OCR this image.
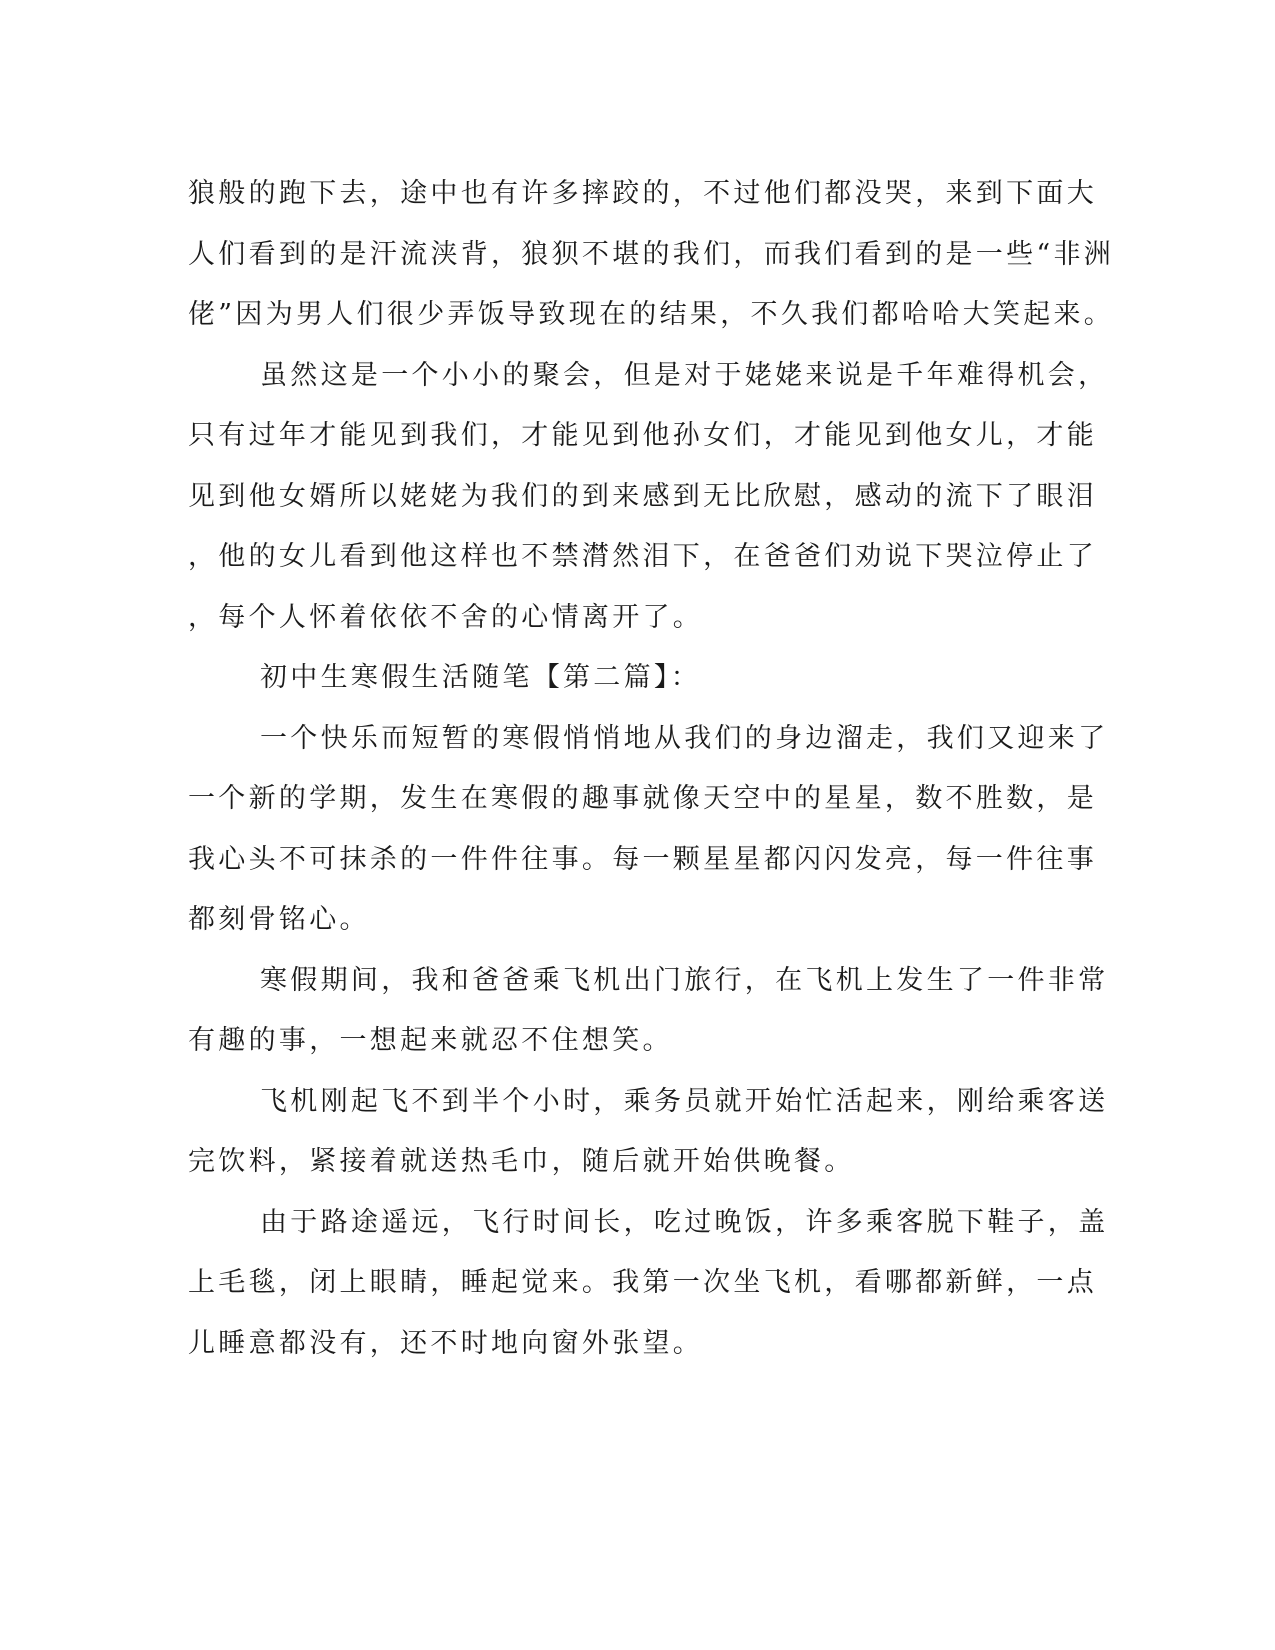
狼般的跑下去，途中也有许多摔跤的，不过他们都没哭，来到下面大
人们看到的是汗流浃背，狼狈不堪的我们，而我们看到的是一些“非洲
佬”因为男人们很少弄饭导致现在的结果，不久我们都哈哈大笑起来。
虽然这是一个小小的聚会，但是对于姥姥来说是千年难得机会，
只有过年才能见到我们，才能见到他孙女们，才能见到他女儿，才能
见到他女婿所以姥姥为我们的到来感到无比欣慰，感动的流下了眼泪
，他的女儿看到他这样也不禁潸然泪下，在爸爸们劝说下哭泣停止了
，每个人怀着依依不舍的心情离开了。
初中生寒假生活随笔【第二篇】：
一个快乐而短暂的寒假悄悄地从我们的身边溜走，我们又迎来了
一个新的学期，发生在寒假的趣事就像天空中的星星，数不胜数，是
我心头不可抹杀的一件件往事。每一颗星星都闪闪发亮，每一件往事
都刻骨铭心。
寒假期间，我和爸爸乘飞机出门旅行，在飞机上发生了一件非常
有趣的事，一想起来就忍不住想笑。
飞机刚起飞不到半个小时，乘务员就开始忙活起来，刚给乘客送
完饮料，紧接着就送热毛巾，随后就开始供晚餐。
由于路途遥远，飞行时间长，吃过晚饭，许多乘客脱下鞋子，盖
上毛毯，闭上眼睛，睡起觉来。我第一次坐飞机，看哪都新鲜，一点
儿睡意都没有，还不时地向窗外张望。
